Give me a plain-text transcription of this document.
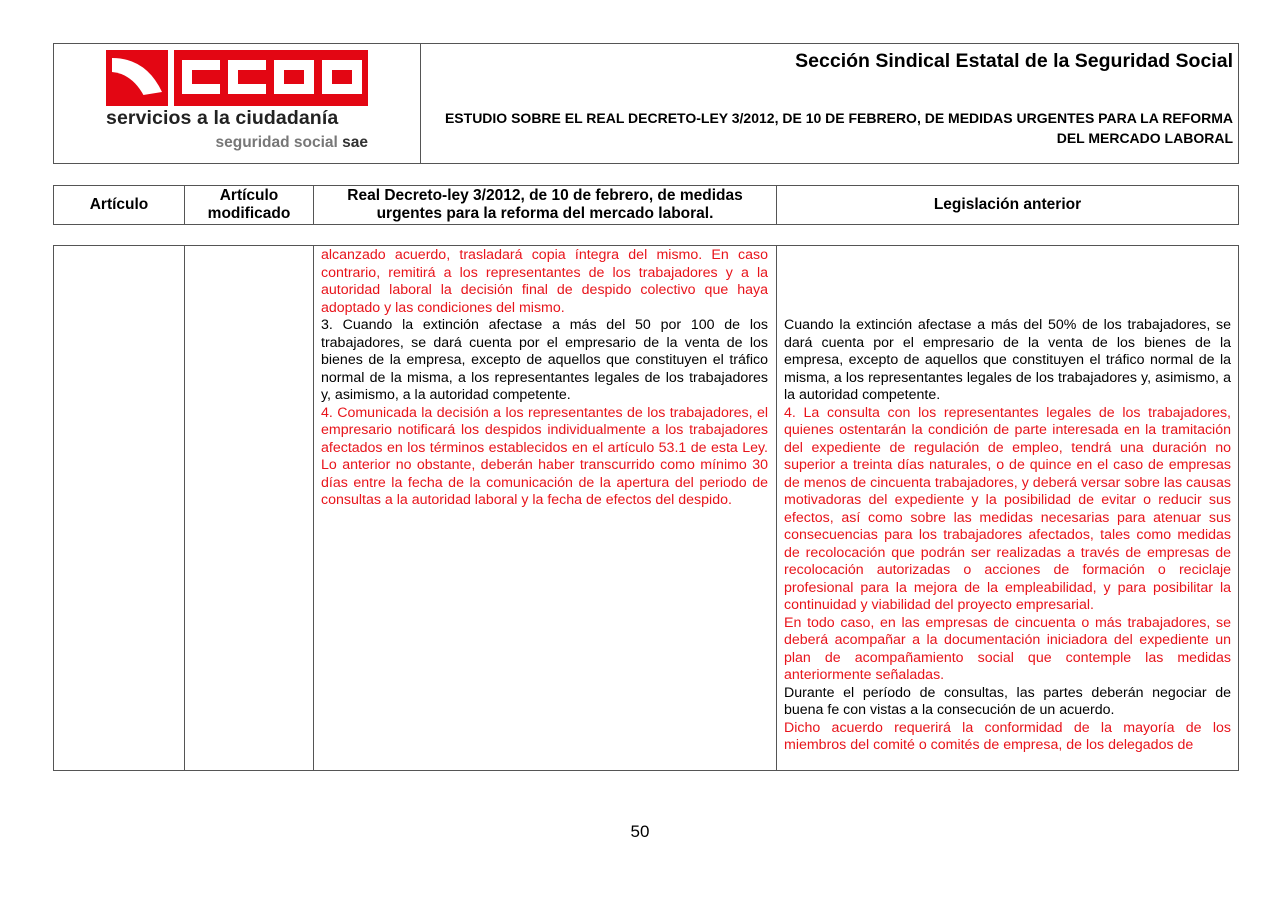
servicios a la ciudadanía
seguridad social sae
Sección Sindical Estatal de la Seguridad Social
ESTUDIO SOBRE EL REAL DECRETO-LEY 3/2012, DE 10 DE FEBRERO, DE MEDIDAS URGENTES PARA LA REFORMA DEL MERCADO LABORAL
Artículo
Artículo modificado
Real Decreto-ley 3/2012, de 10 de febrero, de medidas urgentes para la reforma del mercado laboral.
Legislación anterior

alcanzado acuerdo, trasladará copia íntegra del mismo. En caso contrario, remitirá a los representantes de los trabajadores y a la autoridad laboral la decisión final de despido colectivo que haya adoptado y las condiciones del mismo.

3. Cuando la extinción afectase a más del 50 por 100 de los trabajadores, se dará cuenta por el empresario de la venta de los bienes de la empresa, excepto de aquellos que constituyen el tráfico normal de la misma, a los representantes legales de los trabajadores y, asimismo, a la autoridad competente.

4. Comunicada la decisión a los representantes de los trabajadores, el empresario notificará los despidos individualmente a los trabajadores afectados en los términos establecidos en el artículo 53.1 de esta Ley. Lo anterior no obstante, deberán haber transcurrido como mínimo 30 días entre la fecha de la comunicación de la apertura del periodo de consultas a la autoridad laboral y la fecha de efectos del despido.

Cuando la extinción afectase a más del 50% de los trabajadores, se dará cuenta por el empresario de la venta de los bienes de la empresa, excepto de aquellos que constituyen el tráfico normal de la misma, a los representantes legales de los trabajadores y, asimismo, a la autoridad competente.

4. La consulta con los representantes legales de los trabajadores, quienes ostentarán la condición de parte interesada en la tramitación del expediente de regulación de empleo, tendrá una duración no superior a treinta días naturales, o de quince en el caso de empresas de menos de cincuenta trabajadores, y deberá versar sobre las causas motivadoras del expediente y la posibilidad de evitar o reducir sus efectos, así como sobre las medidas necesarias para atenuar sus consecuencias para los trabajadores afectados, tales como medidas de recolocación que podrán ser realizadas a través de empresas de recolocación autorizadas o acciones de formación o reciclaje profesional para la mejora de la empleabilidad, y para posibilitar la continuidad y viabilidad del proyecto empresarial.

En todo caso, en las empresas de cincuenta o más trabajadores, se deberá acompañar a la documentación iniciadora del expediente un plan de acompañamiento social que contemple las medidas anteriormente señaladas.

Durante el período de consultas, las partes deberán negociar de buena fe con vistas a la consecución de un acuerdo.

Dicho acuerdo requerirá la conformidad de la mayoría de los miembros del comité o comités de empresa, de los delegados de

50
